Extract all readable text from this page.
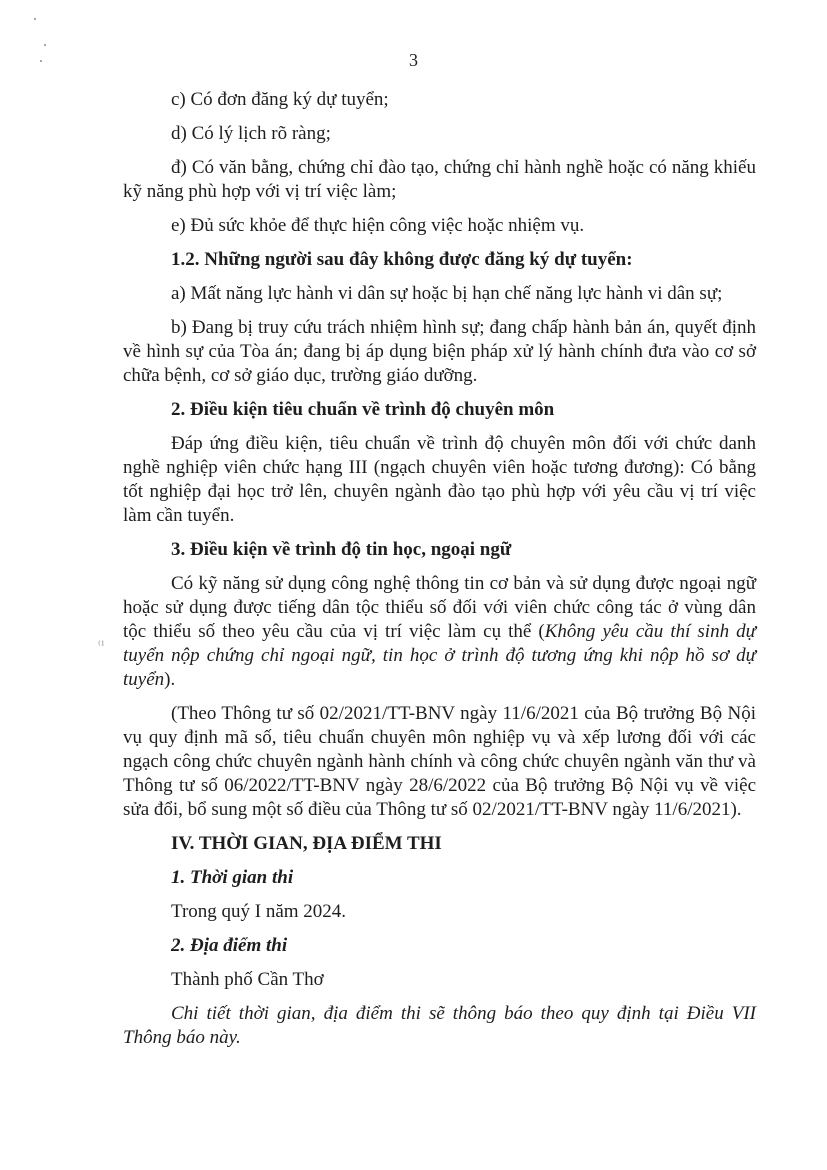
⁽¹
3

c) Có đơn đăng ký dự tuyển;

d) Có lý lịch rõ ràng;

đ) Có văn bằng, chứng chỉ đào tạo, chứng chỉ hành nghề hoặc có năng khiếu kỹ năng phù hợp với vị trí việc làm;

e) Đủ sức khỏe để thực hiện công việc hoặc nhiệm vụ.

1.2. Những người sau đây không được đăng ký dự tuyển:

a) Mất năng lực hành vi dân sự hoặc bị hạn chế năng lực hành vi dân sự;

b) Đang bị truy cứu trách nhiệm hình sự; đang chấp hành bản án, quyết định về hình sự của Tòa án; đang bị áp dụng biện pháp xử lý hành chính đưa vào cơ sở chữa bệnh, cơ sở giáo dục, trường giáo dưỡng.

2. Điều kiện tiêu chuẩn về trình độ chuyên môn

Đáp ứng điều kiện, tiêu chuẩn về trình độ chuyên môn đối với chức danh nghề nghiệp viên chức hạng III (ngạch chuyên viên hoặc tương đương): Có bằng tốt nghiệp đại học trở lên, chuyên ngành đào tạo phù hợp với yêu cầu vị trí việc làm cần tuyển.

3. Điều kiện về trình độ tin học, ngoại ngữ

Có kỹ năng sử dụng công nghệ thông tin cơ bản và sử dụng được ngoại ngữ hoặc sử dụng được tiếng dân tộc thiểu số đối với viên chức công tác ở vùng dân tộc thiểu số theo yêu cầu của vị trí việc làm cụ thể (Không yêu cầu thí sinh dự tuyển nộp chứng chỉ ngoại ngữ, tin học ở trình độ tương ứng khi nộp hồ sơ dự tuyển).

(Theo Thông tư số 02/2021/TT-BNV ngày 11/6/2021 của Bộ trưởng Bộ Nội vụ quy định mã số, tiêu chuẩn chuyên môn nghiệp vụ và xếp lương đối với các ngạch công chức chuyên ngành hành chính và công chức chuyên ngành văn thư và Thông tư số 06/2022/TT-BNV ngày 28/6/2022 của Bộ trưởng Bộ Nội vụ về việc sửa đổi, bổ sung một số điều của Thông tư số 02/2021/TT-BNV ngày 11/6/2021).

IV. THỜI GIAN, ĐỊA ĐIỂM THI

1. Thời gian thi

Trong quý I năm 2024.

2. Địa điểm thi

Thành phố Cần Thơ

Chi tiết thời gian, địa điểm thi sẽ thông báo theo quy định tại Điều VII Thông báo này.
